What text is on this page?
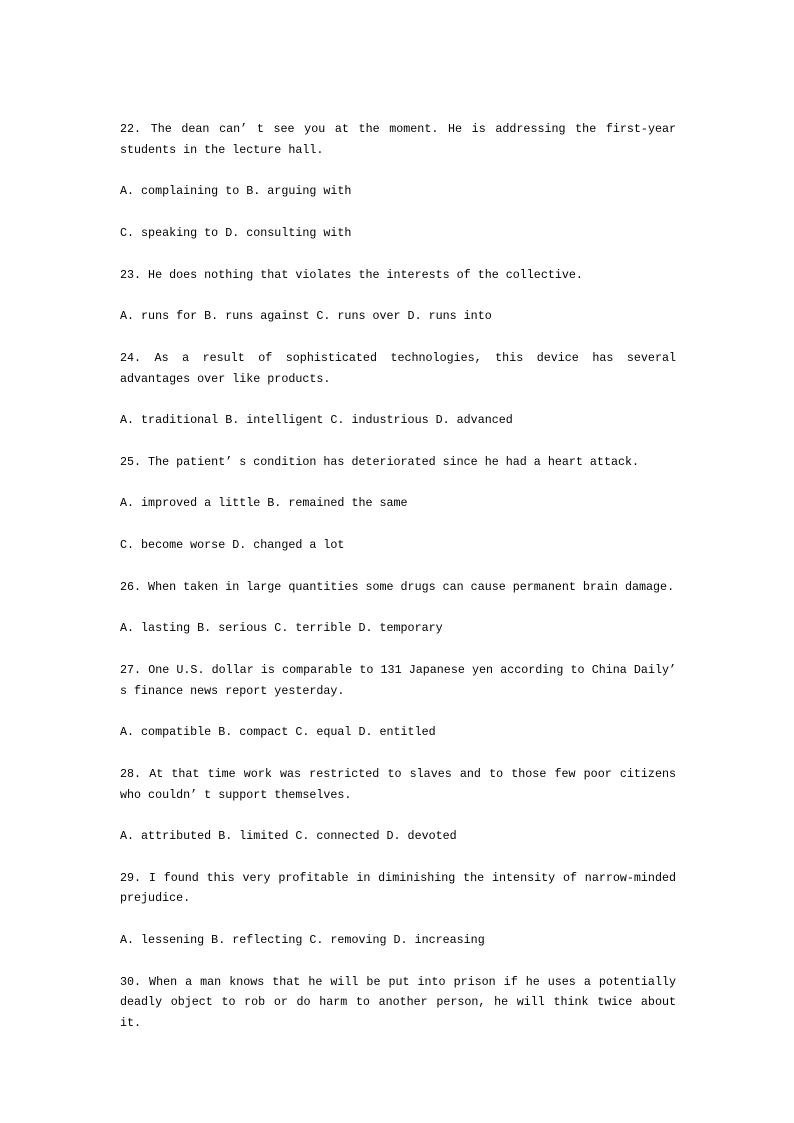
22. The dean can’ t see you at the moment. He is addressing the first-year students in the lecture hall.

A. complaining to B. arguing with

C. speaking to D. consulting with

23. He does nothing that violates the interests of the collective.

A. runs for B. runs against C. runs over D. runs into

24. As a result of sophisticated technologies, this device has several advantages over like products.

A. traditional B. intelligent C. industrious D. advanced

25. The patient’ s condition has deteriorated since he had a heart attack.

A. improved a little B. remained the same

C. become worse D. changed a lot

26. When taken in large quantities some drugs can cause permanent brain damage.

A. lasting B. serious C. terrible D. temporary

27. One U.S. dollar is comparable to 131 Japanese yen according to China Daily’ s finance news report yesterday.

A. compatible B. compact C. equal D. entitled

28. At that time work was restricted to slaves and to those few poor citizens who couldn’ t support themselves.

A. attributed B. limited C. connected D. devoted

29. I found this very profitable in diminishing the intensity of narrow-minded prejudice.

A. lessening B. reflecting C. removing D. increasing

30. When a man knows that he will be put into prison if he uses a potentially deadly object to rob or do harm to another person, he will think twice about it.
